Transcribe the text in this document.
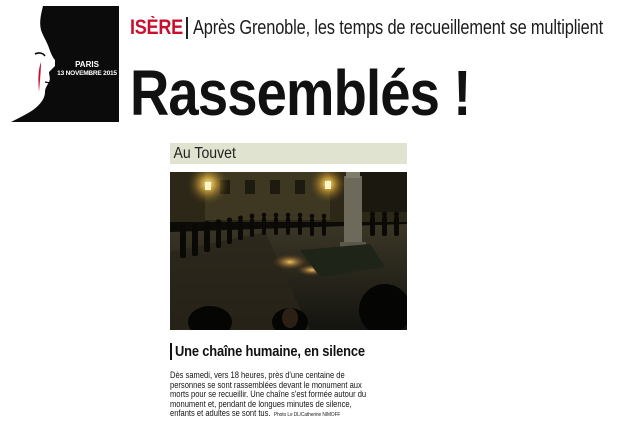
PARIS
13 NOVEMBRE 2015
ISÈRE Après Grenoble, les temps de recueillement se multiplient
Rassemblés !
Au Touvet
Une chaîne humaine, en silence
Dès samedi, vers 18 heures, près d'une centaine de
personnes se sont rassemblées devant le monument aux
morts pour se recueillir. Une chaîne s'est formée autour du
monument et, pendant de longues minutes de silence,
enfants et adultes se sont tus. Photo Le DL/Catherine NIMOFF
